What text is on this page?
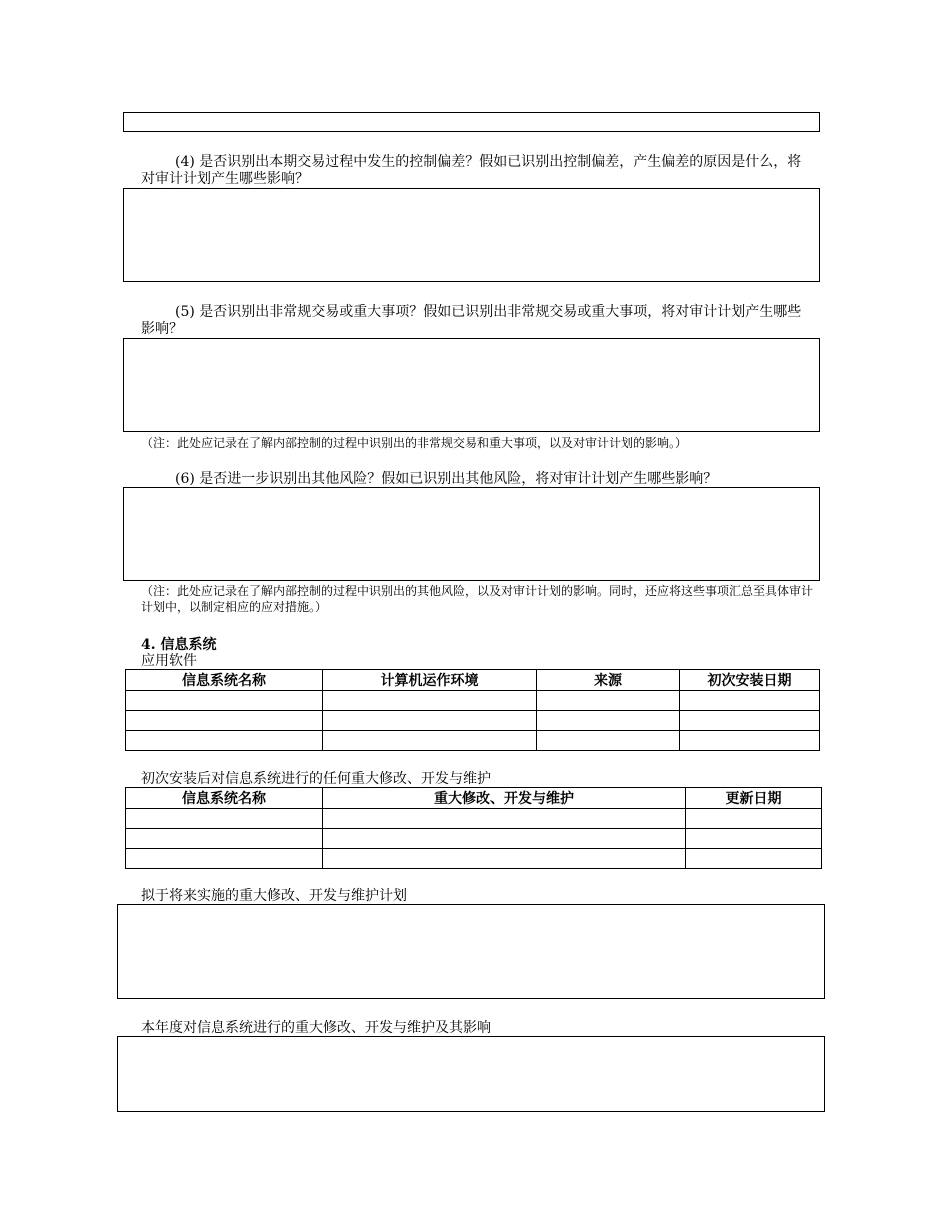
(4) 是否识别出本期交易过程中发生的控制偏差？假如已识别出控制偏差，产生偏差的原因是什么，将对审计计划产生哪些影响？
(5) 是否识别出非常规交易或重大事项？假如已识别出非常规交易或重大事项，将对审计计划产生哪些影响？
（注：此处应记录在了解内部控制的过程中识别出的非常规交易和重大事项，以及对审计计划的影响。）
(6) 是否进一步识别出其他风险？假如已识别出其他风险，将对审计计划产生哪些影响？
（注：此处应记录在了解内部控制的过程中识别出的其他风险，以及对审计计划的影响。同时，还应将这些事项汇总至具体审计计划中，以制定相应的应对措施。）
4. 信息系统
应用软件
信息系统名称	计算机运作环境	来源	初次安装日期

初次安装后对信息系统进行的任何重大修改、开发与维护
信息系统名称	重大修改、开发与维护	更新日期

拟于将来实施的重大修改、开发与维护计划
本年度对信息系统进行的重大修改、开发与维护及其影响
